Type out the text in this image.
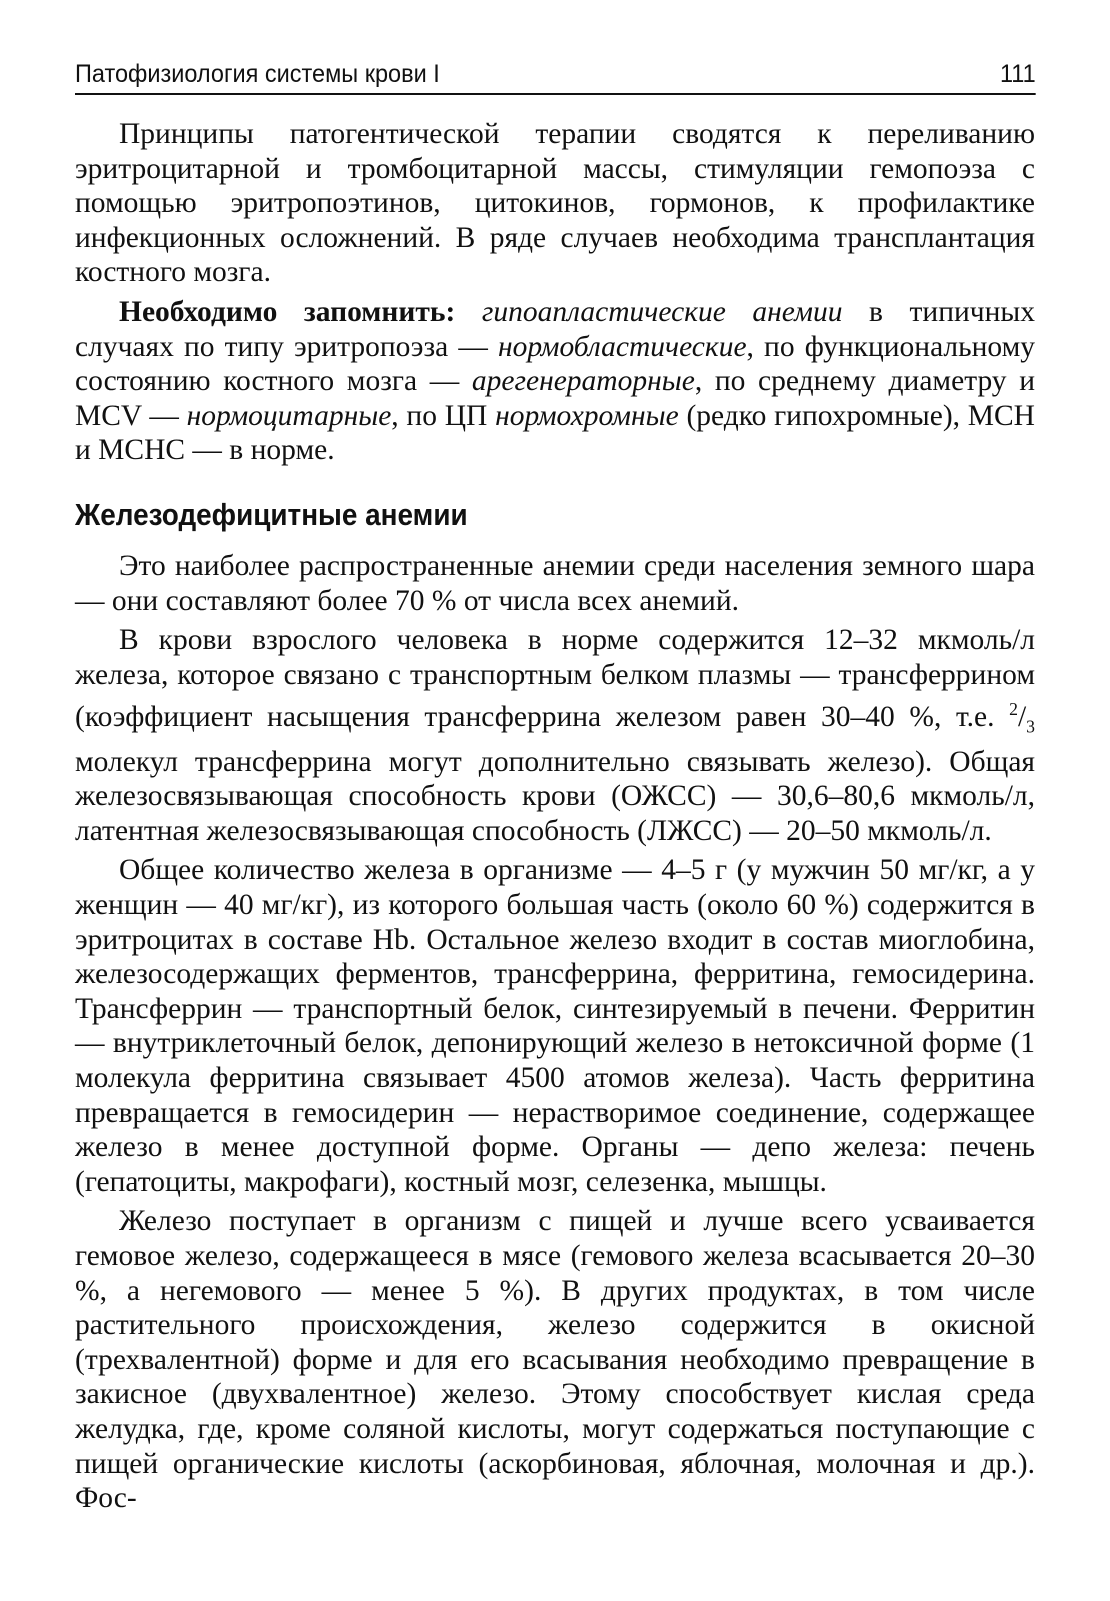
Патофизиология системы крови I	111

Принципы патогентической терапии сводятся к переливанию эритроцитарной и тромбоцитарной массы, стимуляции гемопоэза с помощью эритропоэтинов, цитокинов, гормонов, к профилактике инфекционных осложнений. В ряде случаев необходима трансплантация костного мозга.

Необходимо запомнить: гипоапластические анемии в типичных случаях по типу эритропоэза — нормобластические, по функциональному состоянию костного мозга — арегенераторные, по среднему диаметру и MCV — нормоцитарные, по ЦП нормохромные (редко гипохромные), MCH и MCHC — в норме.

Железодефицитные анемии

Это наиболее распространенные анемии среди населения земного шара — они составляют более 70 % от числа всех анемий.

В крови взрослого человека в норме содержится 12–32 мкмоль/л железа, которое связано с транспортным белком плазмы — трансферрином (коэффициент насыщения трансферрина железом равен 30–40 %, т.е. $^2/_3$ молекул трансферрина могут дополнительно связывать железо). Общая железосвязывающая способность крови (ОЖСС) — 30,6–80,6 мкмоль/л, латентная железосвязывающая способность (ЛЖСС) — 20–50 мкмоль/л.

Общее количество железа в организме — 4–5 г (у мужчин 50 мг/кг, а у женщин — 40 мг/кг), из которого большая часть (около 60 %) содержится в эритроцитах в составе Hb. Остальное железо входит в состав миоглобина, железосодержащих ферментов, трансферрина, ферритина, гемосидерина. Трансферрин — транспортный белок, синтезируемый в печени. Ферритин — внутриклеточный белок, депонирующий железо в нетоксичной форме (1 молекула ферритина связывает 4500 атомов железа). Часть ферритина превращается в гемосидерин — нерастворимое соединение, содержащее железо в менее доступной форме. Органы — депо железа: печень (гепатоциты, макрофаги), костный мозг, селезенка, мышцы.

Железо поступает в организм с пищей и лучше всего усваивается гемовое железо, содержащееся в мясе (гемового железа всасывается 20–30 %, а негемового — менее 5 %). В других продуктах, в том числе растительного происхождения, железо содержится в окисной (трехвалентной) форме и для его всасывания необходимо превращение в закисное (двухвалентное) железо. Этому способствует кислая среда желудка, где, кроме соляной кислоты, могут содержаться поступающие с пищей органические кислоты (аскорбиновая, яблочная, молочная и др.). Фос-
